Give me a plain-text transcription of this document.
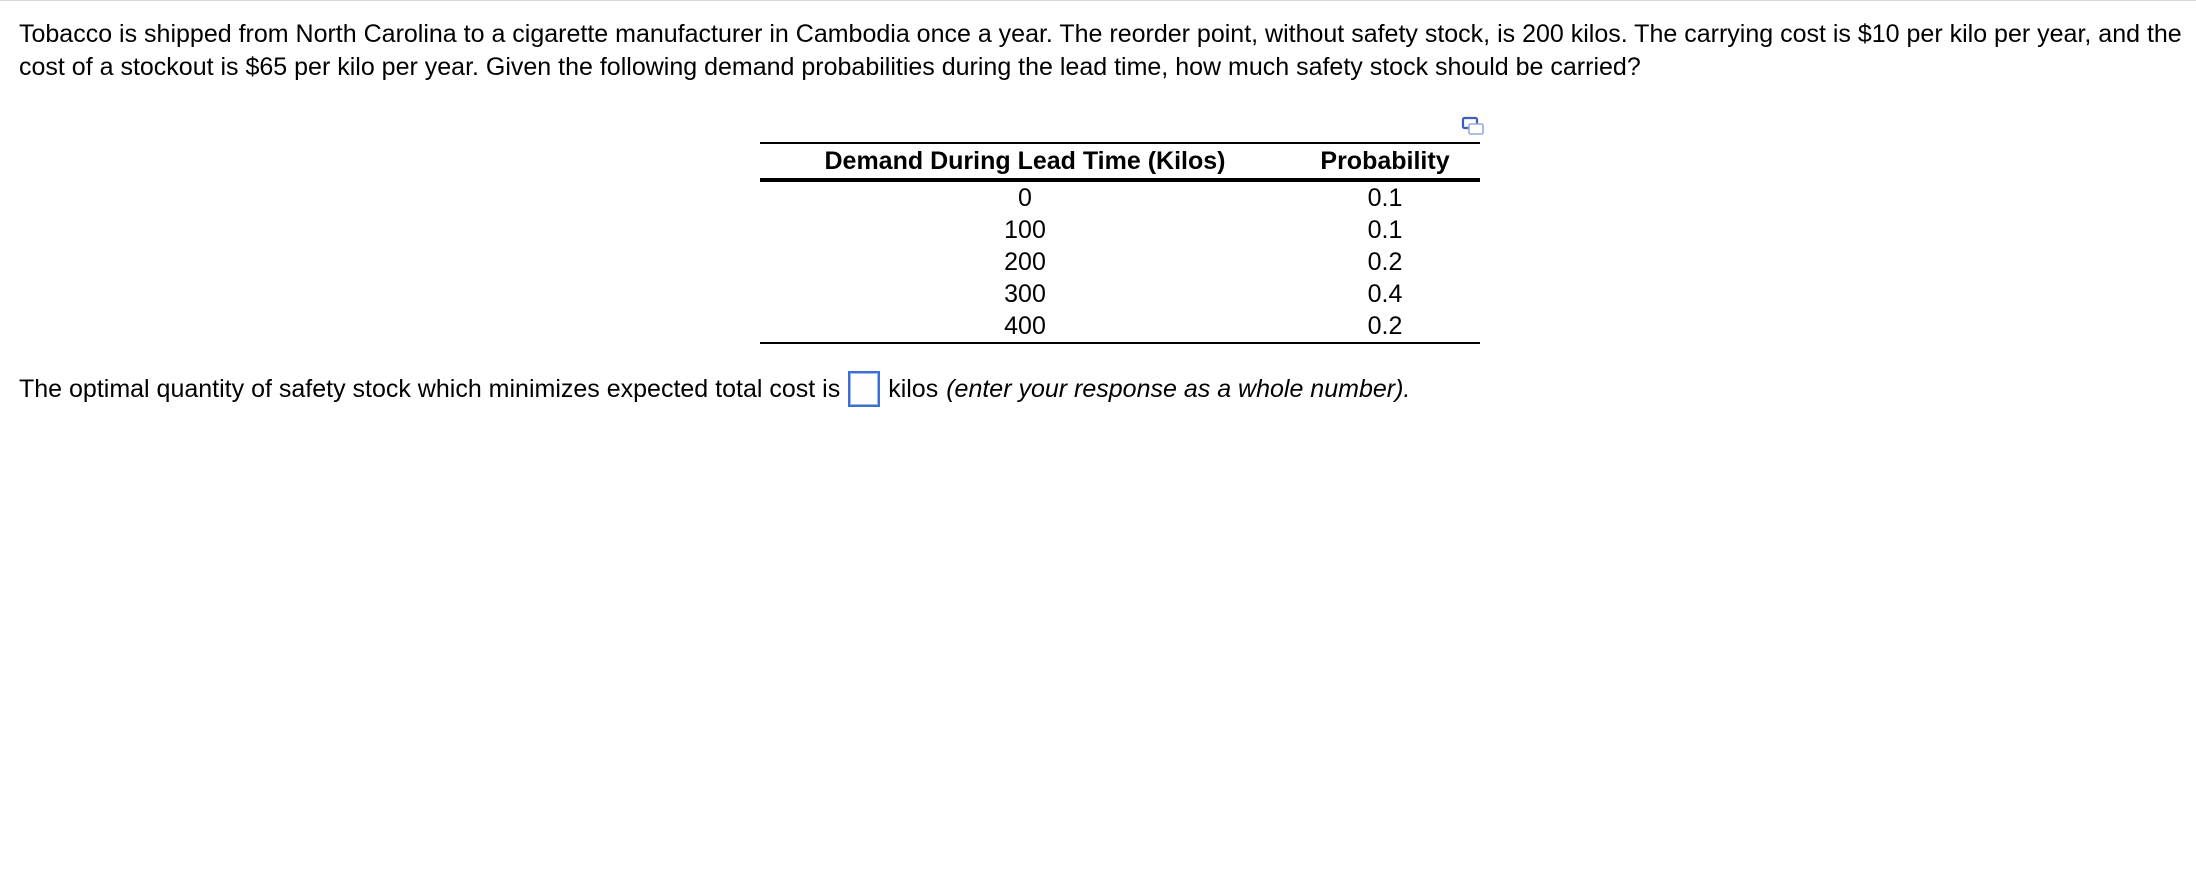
Tobacco is shipped from North Carolina to a cigarette manufacturer in Cambodia once a year. The reorder point, without safety stock, is 200 kilos. The carrying cost is $10 per kilo per year, and the cost of a stockout is $65 per kilo per year. Given the following demand probabilities during the lead time, how much safety stock should be carried?

Demand During Lead Time (Kilos)	Probability
0	0.1
100	0.1
200	0.2
300	0.4
400	0.2
The optimal quantity of safety stock which minimizes expected total cost is kilos (enter your response as a whole number).
